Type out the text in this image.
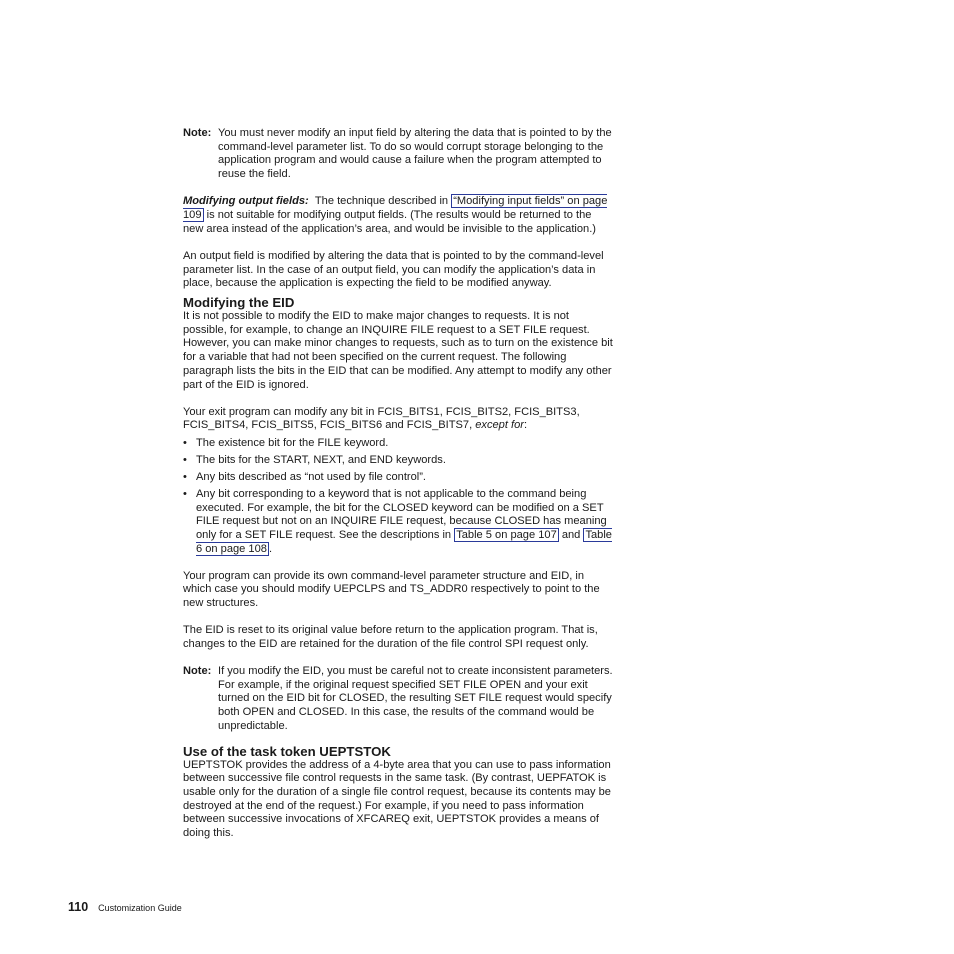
Note: You must never modify an input field by altering the data that is pointed to by the command-level parameter list. To do so would corrupt storage belonging to the application program and would cause a failure when the program attempted to reuse the field.

Modifying output fields: The technique described in “Modifying input fields” on page 109 is not suitable for modifying output fields. (The results would be returned to the new area instead of the application’s area, and would be invisible to the application.)

An output field is modified by altering the data that is pointed to by the command-level parameter list. In the case of an output field, you can modify the application’s data in place, because the application is expecting the field to be modified anyway.

Modifying the EID

It is not possible to modify the EID to make major changes to requests. It is not possible, for example, to change an INQUIRE FILE request to a SET FILE request. However, you can make minor changes to requests, such as to turn on the existence bit for a variable that had not been specified on the current request. The following paragraph lists the bits in the EID that can be modified. Any attempt to modify any other part of the EID is ignored.

Your exit program can modify any bit in FCIS_BITS1, FCIS_BITS2, FCIS_BITS3, FCIS_BITS4, FCIS_BITS5, FCIS_BITS6 and FCIS_BITS7, except for:

• The existence bit for the FILE keyword.
• The bits for the START, NEXT, and END keywords.
• Any bits described as “not used by file control”.
• Any bit corresponding to a keyword that is not applicable to the command being executed. For example, the bit for the CLOSED keyword can be modified on a SET FILE request but not on an INQUIRE FILE request, because CLOSED has meaning only for a SET FILE request. See the descriptions in Table 5 on page 107 and Table 6 on page 108 .

Your program can provide its own command-level parameter structure and EID, in which case you should modify UEPCLPS and TS_ADDR0 respectively to point to the new structures.

The EID is reset to its original value before return to the application program. That is, changes to the EID are retained for the duration of the file control SPI request only.

Note: If you modify the EID, you must be careful not to create inconsistent parameters. For example, if the original request specified SET FILE OPEN and your exit turned on the EID bit for CLOSED, the resulting SET FILE request would specify both OPEN and CLOSED. In this case, the results of the command would be unpredictable.
Use of the task token UEPTSTOK

UEPTSTOK provides the address of a 4-byte area that you can use to pass information between successive file control requests in the same task. (By contrast, UEPFATOK is usable only for the duration of a single file control request, because its contents may be destroyed at the end of the request.) For example, if you need to pass information between successive invocations of XFCAREQ exit, UEPTSTOK provides a means of doing this.

110 Customization Guide
